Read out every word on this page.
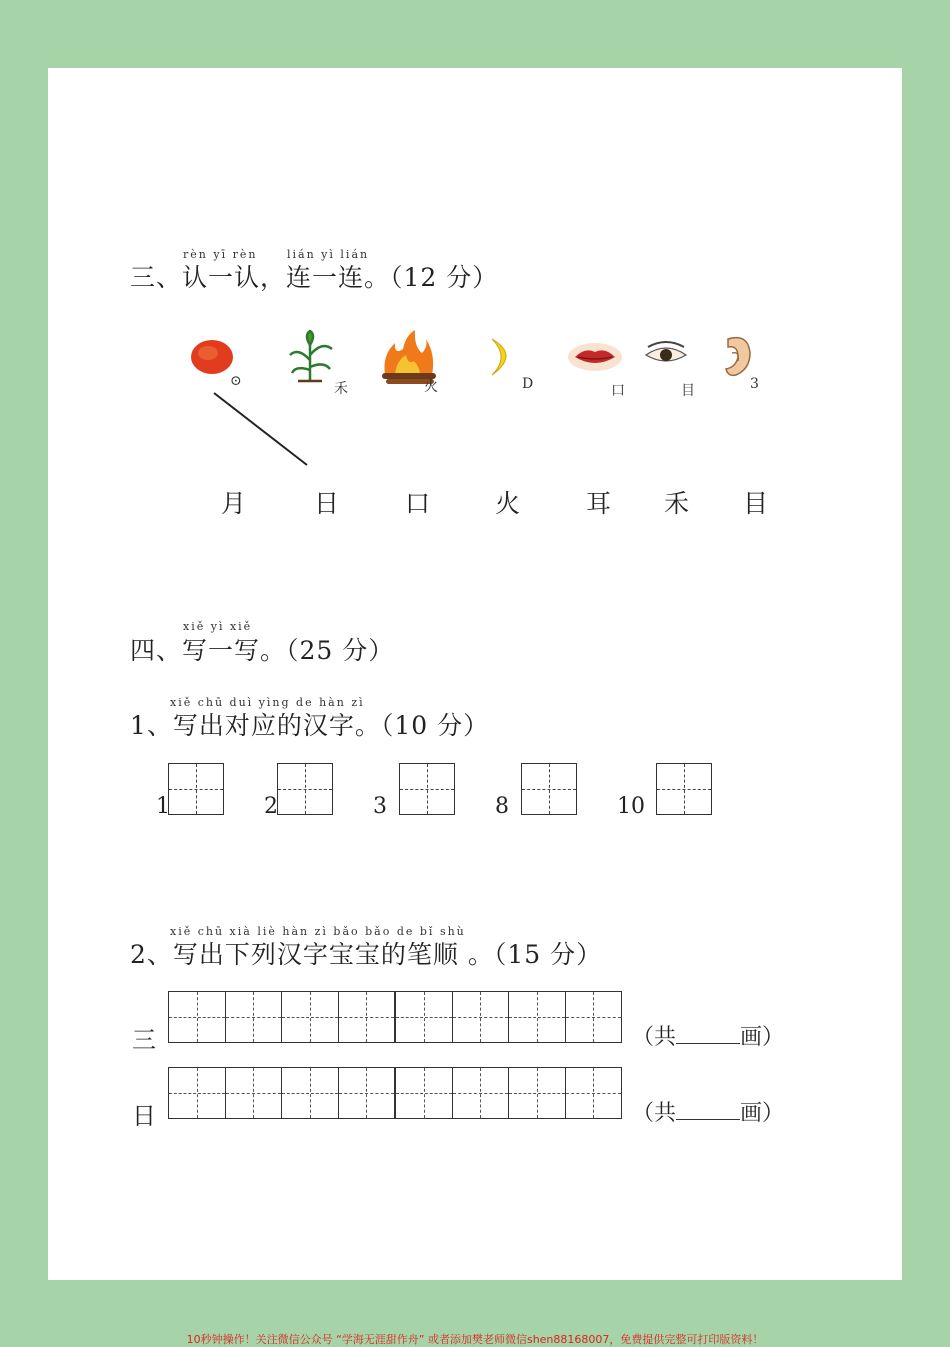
rèn yī rèn	lián yì lián
三、认一认，连一连。（12 分）
⊙	禾	火	D	口	目	3
月	日	口	火	耳 禾 目
xiě yì xiě
四、写一写。（25 分）
xiě chū duì yìng de hàn zì
1、写出对应的汉字。（10 分）
1	2	3	8	10
xiě chū xià liè hàn zì bǎo bǎo de bǐ shù
2、写出下列汉字宝宝的笔顺 。（15 分）
三	（共	画）
日	（共	画）
10秒钟操作！关注微信公众号 “学海无涯甜作舟” 或者添加樊老师微信shen88168007，免费提供完整可打印版资料！
